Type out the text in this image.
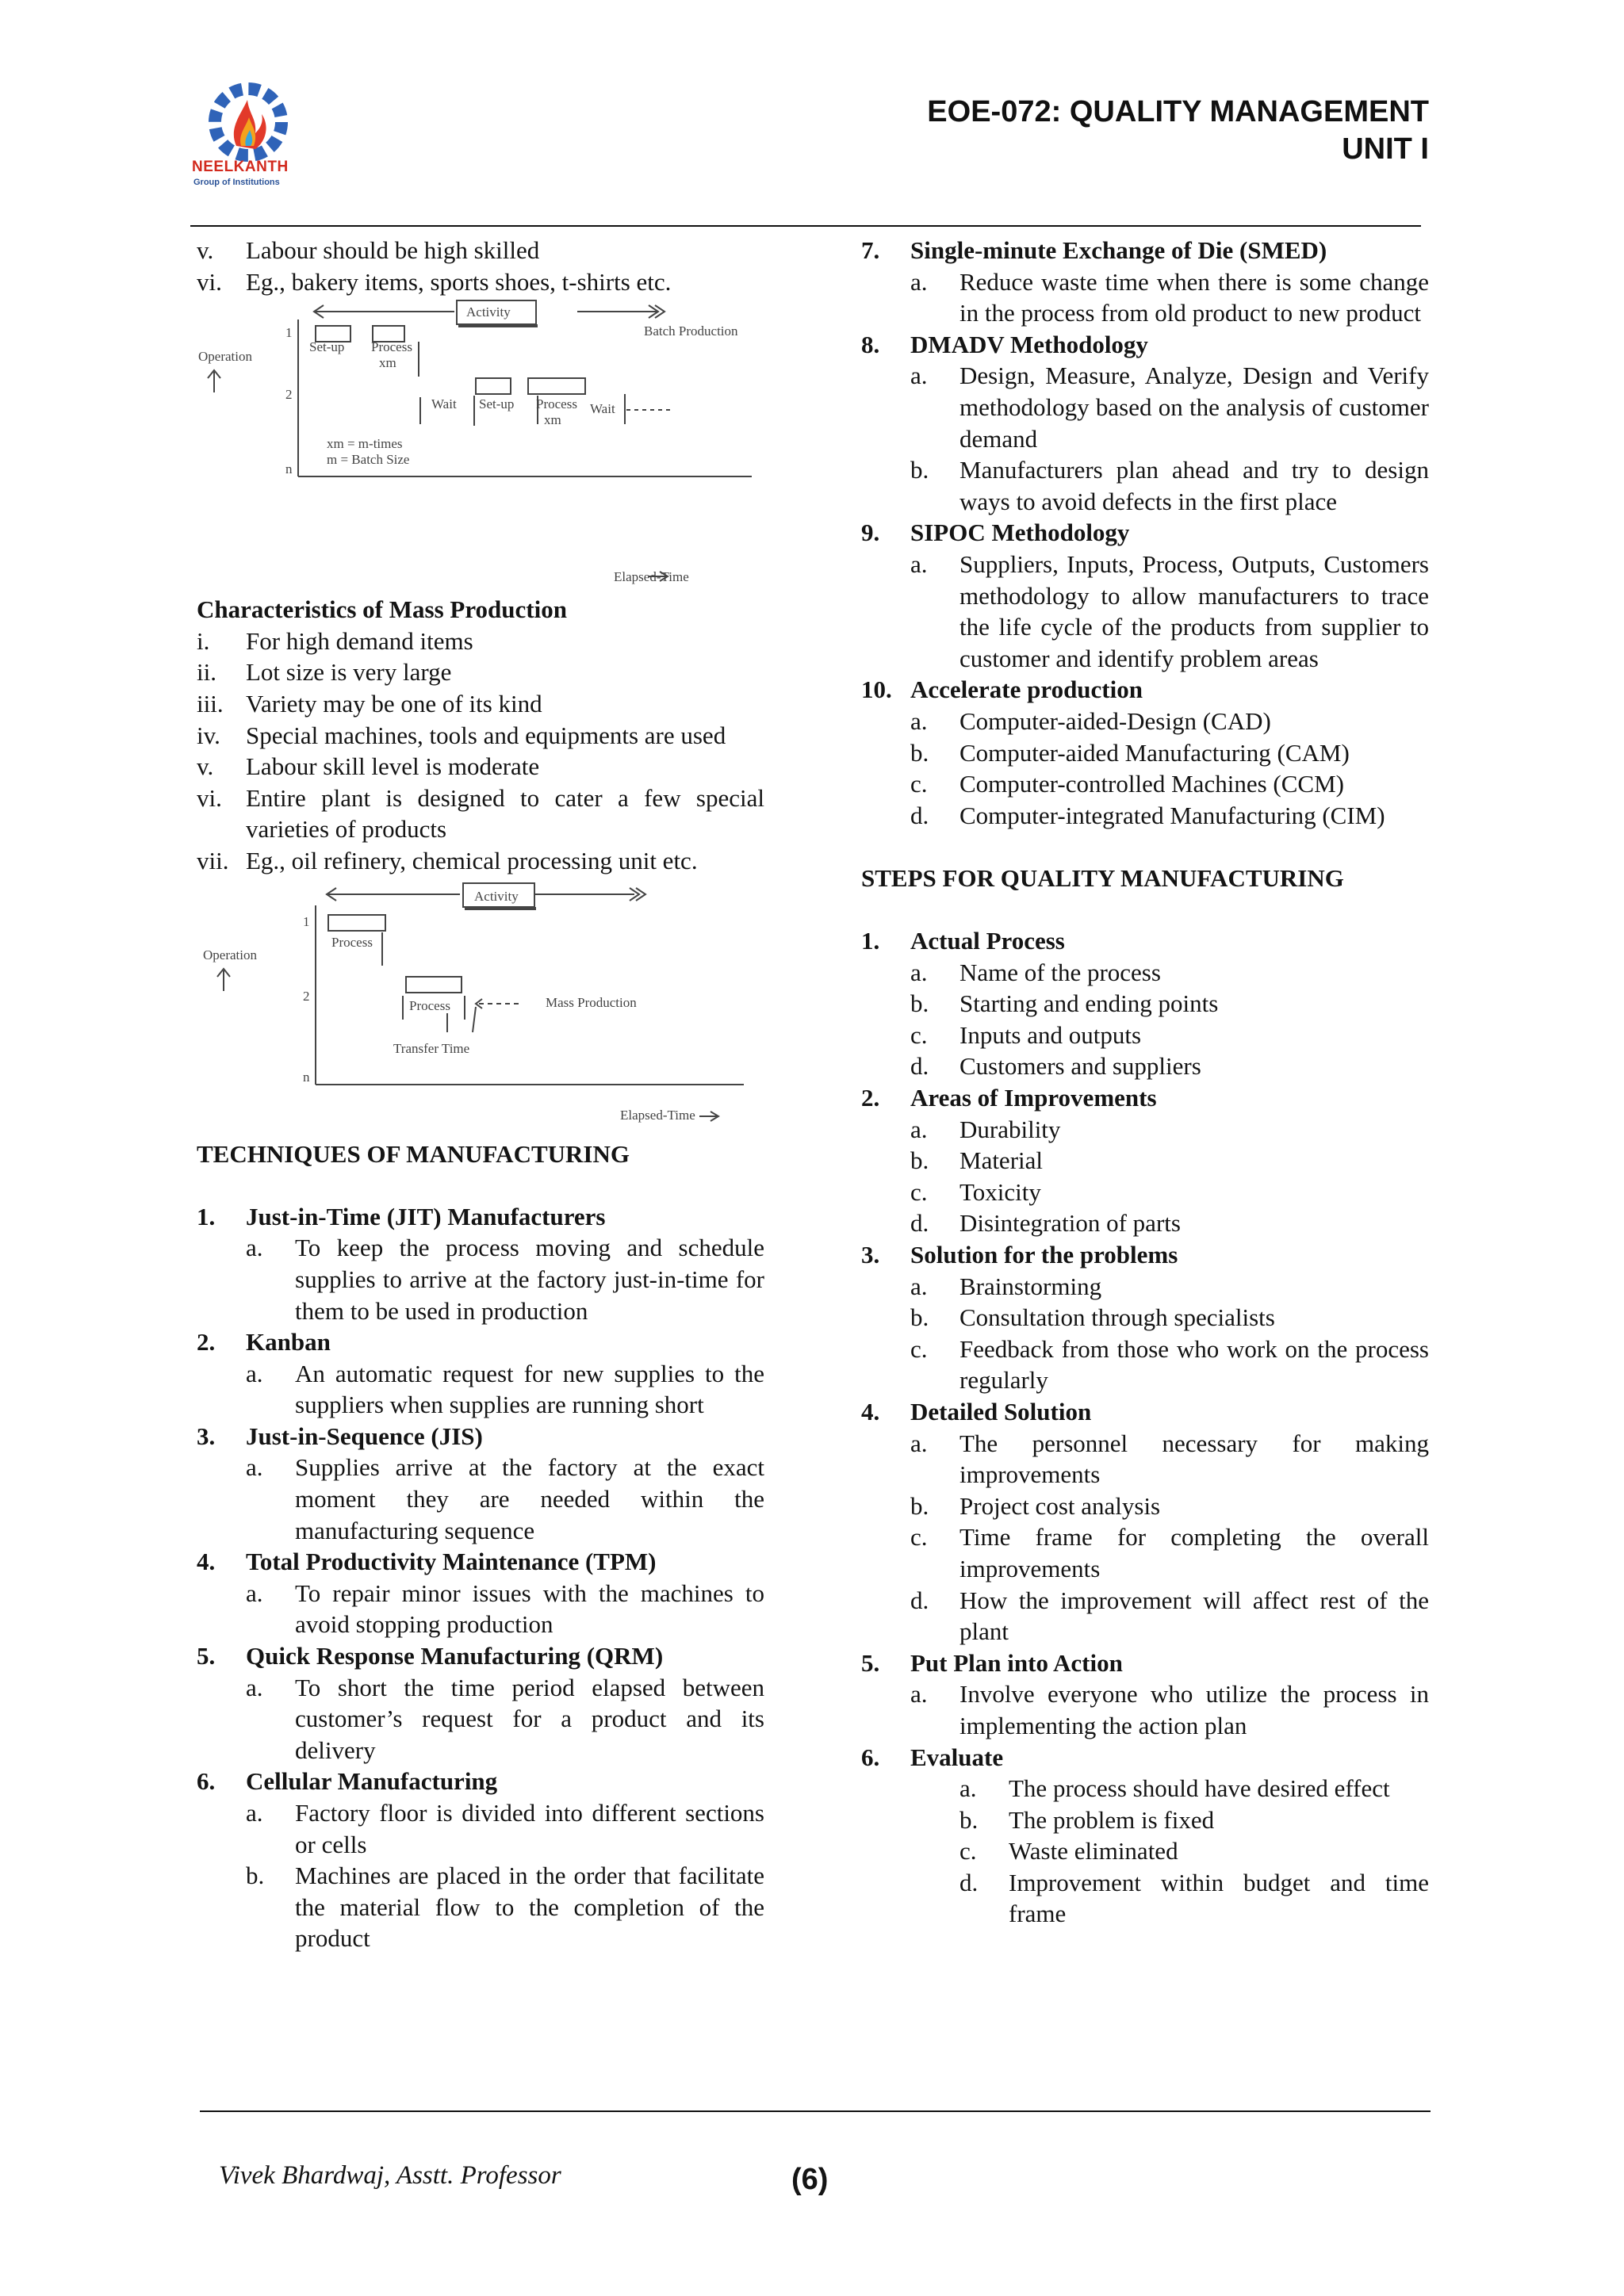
NEELKANTH
Group of Institutions
EOE-072: QUALITY MANAGEMENT
UNIT I
v.	Labour should be high skilled
vi. Eg., bakery items, sports shoes, t-shirts etc.
Activity
Batch Production
Operation
Set-up Process
xm
Wait Set-up Process
xm
Wait
xm = m-times
m = Batch Size
Elapsed-Time
1
2
n
Characteristics of Mass Production
i.	For high demand items
ii.	Lot size is very large
iii. Variety may be one of its kind
iv.	Special machines, tools and equipments are used
v.	Labour skill level is moderate
vi. Entire plant is designed to cater a few special varieties of products
vii. Eg., oil refinery, chemical processing unit etc.
Activity
Mass Production
Operation
Process
Process
Transfer Time
Elapsed-Time
1
2
n
TECHNIQUES OF MANUFACTURING
1.	Just-in-Time (JIT) Manufacturers
a.	To keep the process moving and schedule supplies to arrive at the factory just-in-time for them to be used in production
2.	Kanban
a.	An automatic request for new supplies to the suppliers when supplies are running short
3.	Just-in-Sequence (JIS)
a.	Supplies arrive at the factory at the exact moment they are needed within the manufacturing sequence
4.	Total Productivity Maintenance (TPM)
a.	To repair minor issues with the machines to avoid stopping production
5.	Quick Response Manufacturing (QRM)
a.	To short the time period elapsed between customer’s request for a product and its delivery
6.	Cellular Manufacturing
a.	Factory floor is divided into different sections or cells
b.	Machines are placed in the order that facilitate the material flow to the completion of the product
7.	Single-minute Exchange of Die (SMED)
a.	Reduce waste time when there is some change in the process from old product to new product
8.	DMADV Methodology
a.	Design, Measure, Analyze, Design and Verify methodology based on the analysis of customer demand
b.	Manufacturers plan ahead and try to design ways to avoid defects in the first place
9.	SIPOC Methodology
a.	Suppliers, Inputs, Process, Outputs, Customers methodology to allow manufacturers to trace the life cycle of the products from supplier to customer and identify problem areas
10. Accelerate production
a.	Computer-aided-Design (CAD)
b.	Computer-aided Manufacturing (CAM)
c.	Computer-controlled Machines (CCM)
d.	Computer-integrated Manufacturing (CIM)
STEPS FOR QUALITY MANUFACTURING
1.	Actual Process
a.	Name of the process
b.	Starting and ending points
c.	Inputs and outputs
d.	Customers and suppliers
2.	Areas of Improvements
a.	Durability
b.	Material
c.	Toxicity
d.	Disintegration of parts
3.	Solution for the problems
a.	Brainstorming
b.	Consultation through specialists
c.	Feedback from those who work on the process regularly
4.	Detailed Solution
a.	The personnel necessary for making improvements
b.	Project cost analysis
c.	Time frame for completing the overall improvements
d.	How the improvement will affect rest of the plant
5.	Put Plan into Action
a.	Involve everyone who utilize the process in implementing the action plan
6.	Evaluate
a.	The process should have desired effect
b.	The problem is fixed
c.	Waste eliminated
d.	Improvement within budget and time frame
Vivek Bhardwaj, Asstt. Professor	(6)
